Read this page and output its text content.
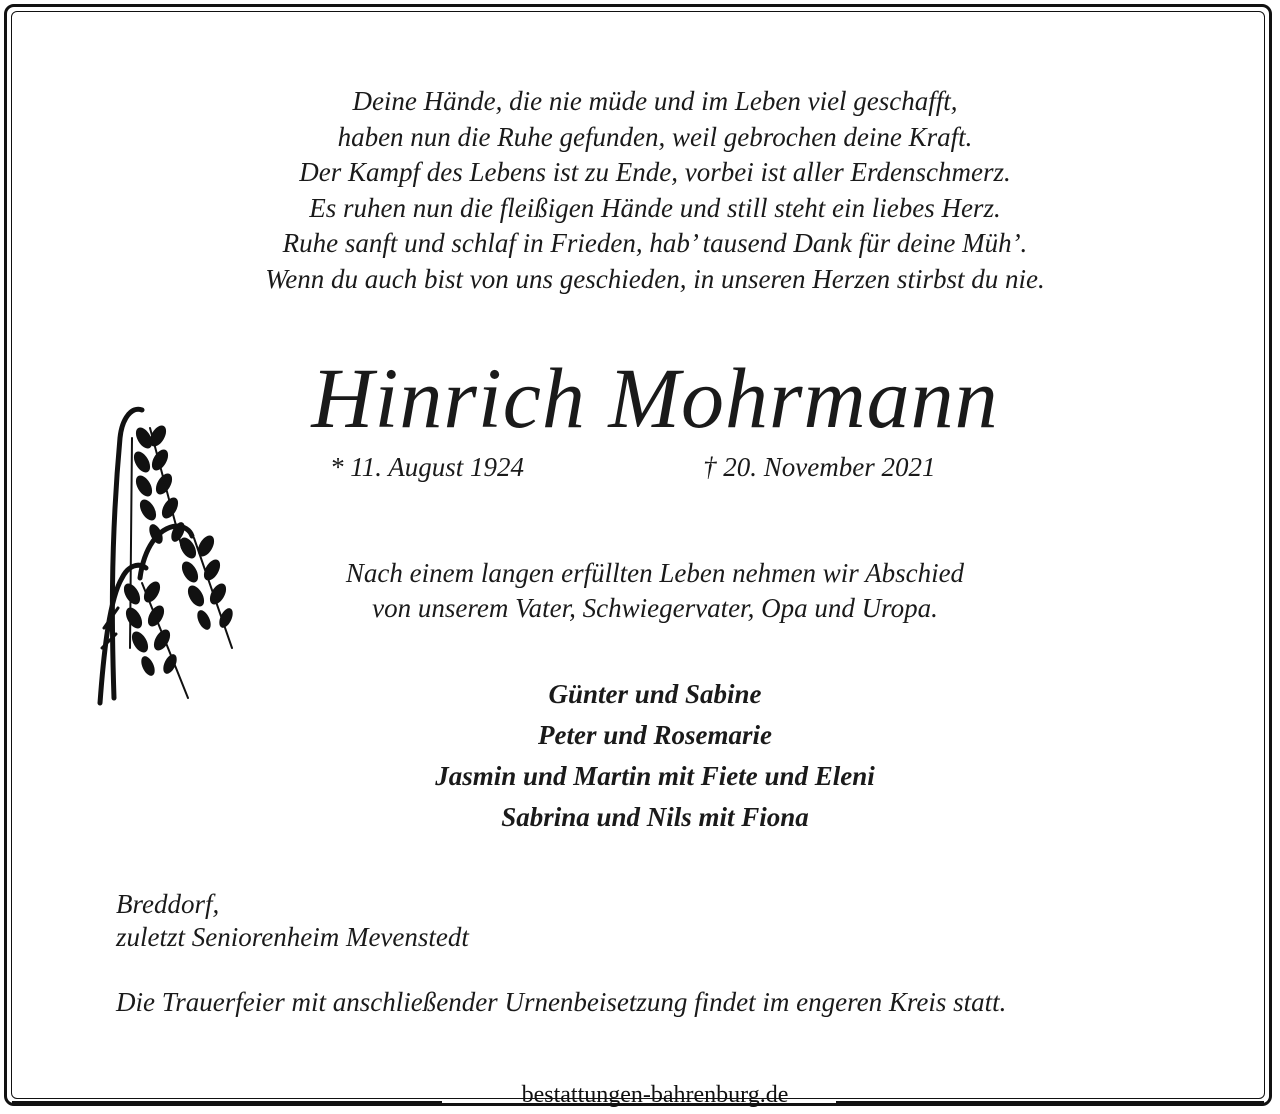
Deine Hände, die nie müde und im Leben viel geschafft,
haben nun die Ruhe gefunden, weil gebrochen deine Kraft.
Der Kampf des Lebens ist zu Ende, vorbei ist aller Erdenschmerz.
Es ruhen nun die fleißigen Hände und still steht ein liebes Herz.
Ruhe sanft und schlaf in Frieden, hab’ tausend Dank für deine Müh’.
Wenn du auch bist von uns geschieden, in unseren Herzen stirbst du nie.
Hinrich Mohrmann
* 11. August 1924	† 20. November 2021
Nach einem langen erfüllten Leben nehmen wir Abschied
von unserem Vater, Schwiegervater, Opa und Uropa.
Günter und Sabine
Peter und Rosemarie
Jasmin und Martin mit Fiete und Eleni
Sabrina und Nils mit Fiona
Breddorf,
zuletzt Seniorenheim Mevenstedt
Die Trauerfeier mit anschließender Urnenbeisetzung findet im engeren Kreis statt.
bestattungen-bahrenburg.de
